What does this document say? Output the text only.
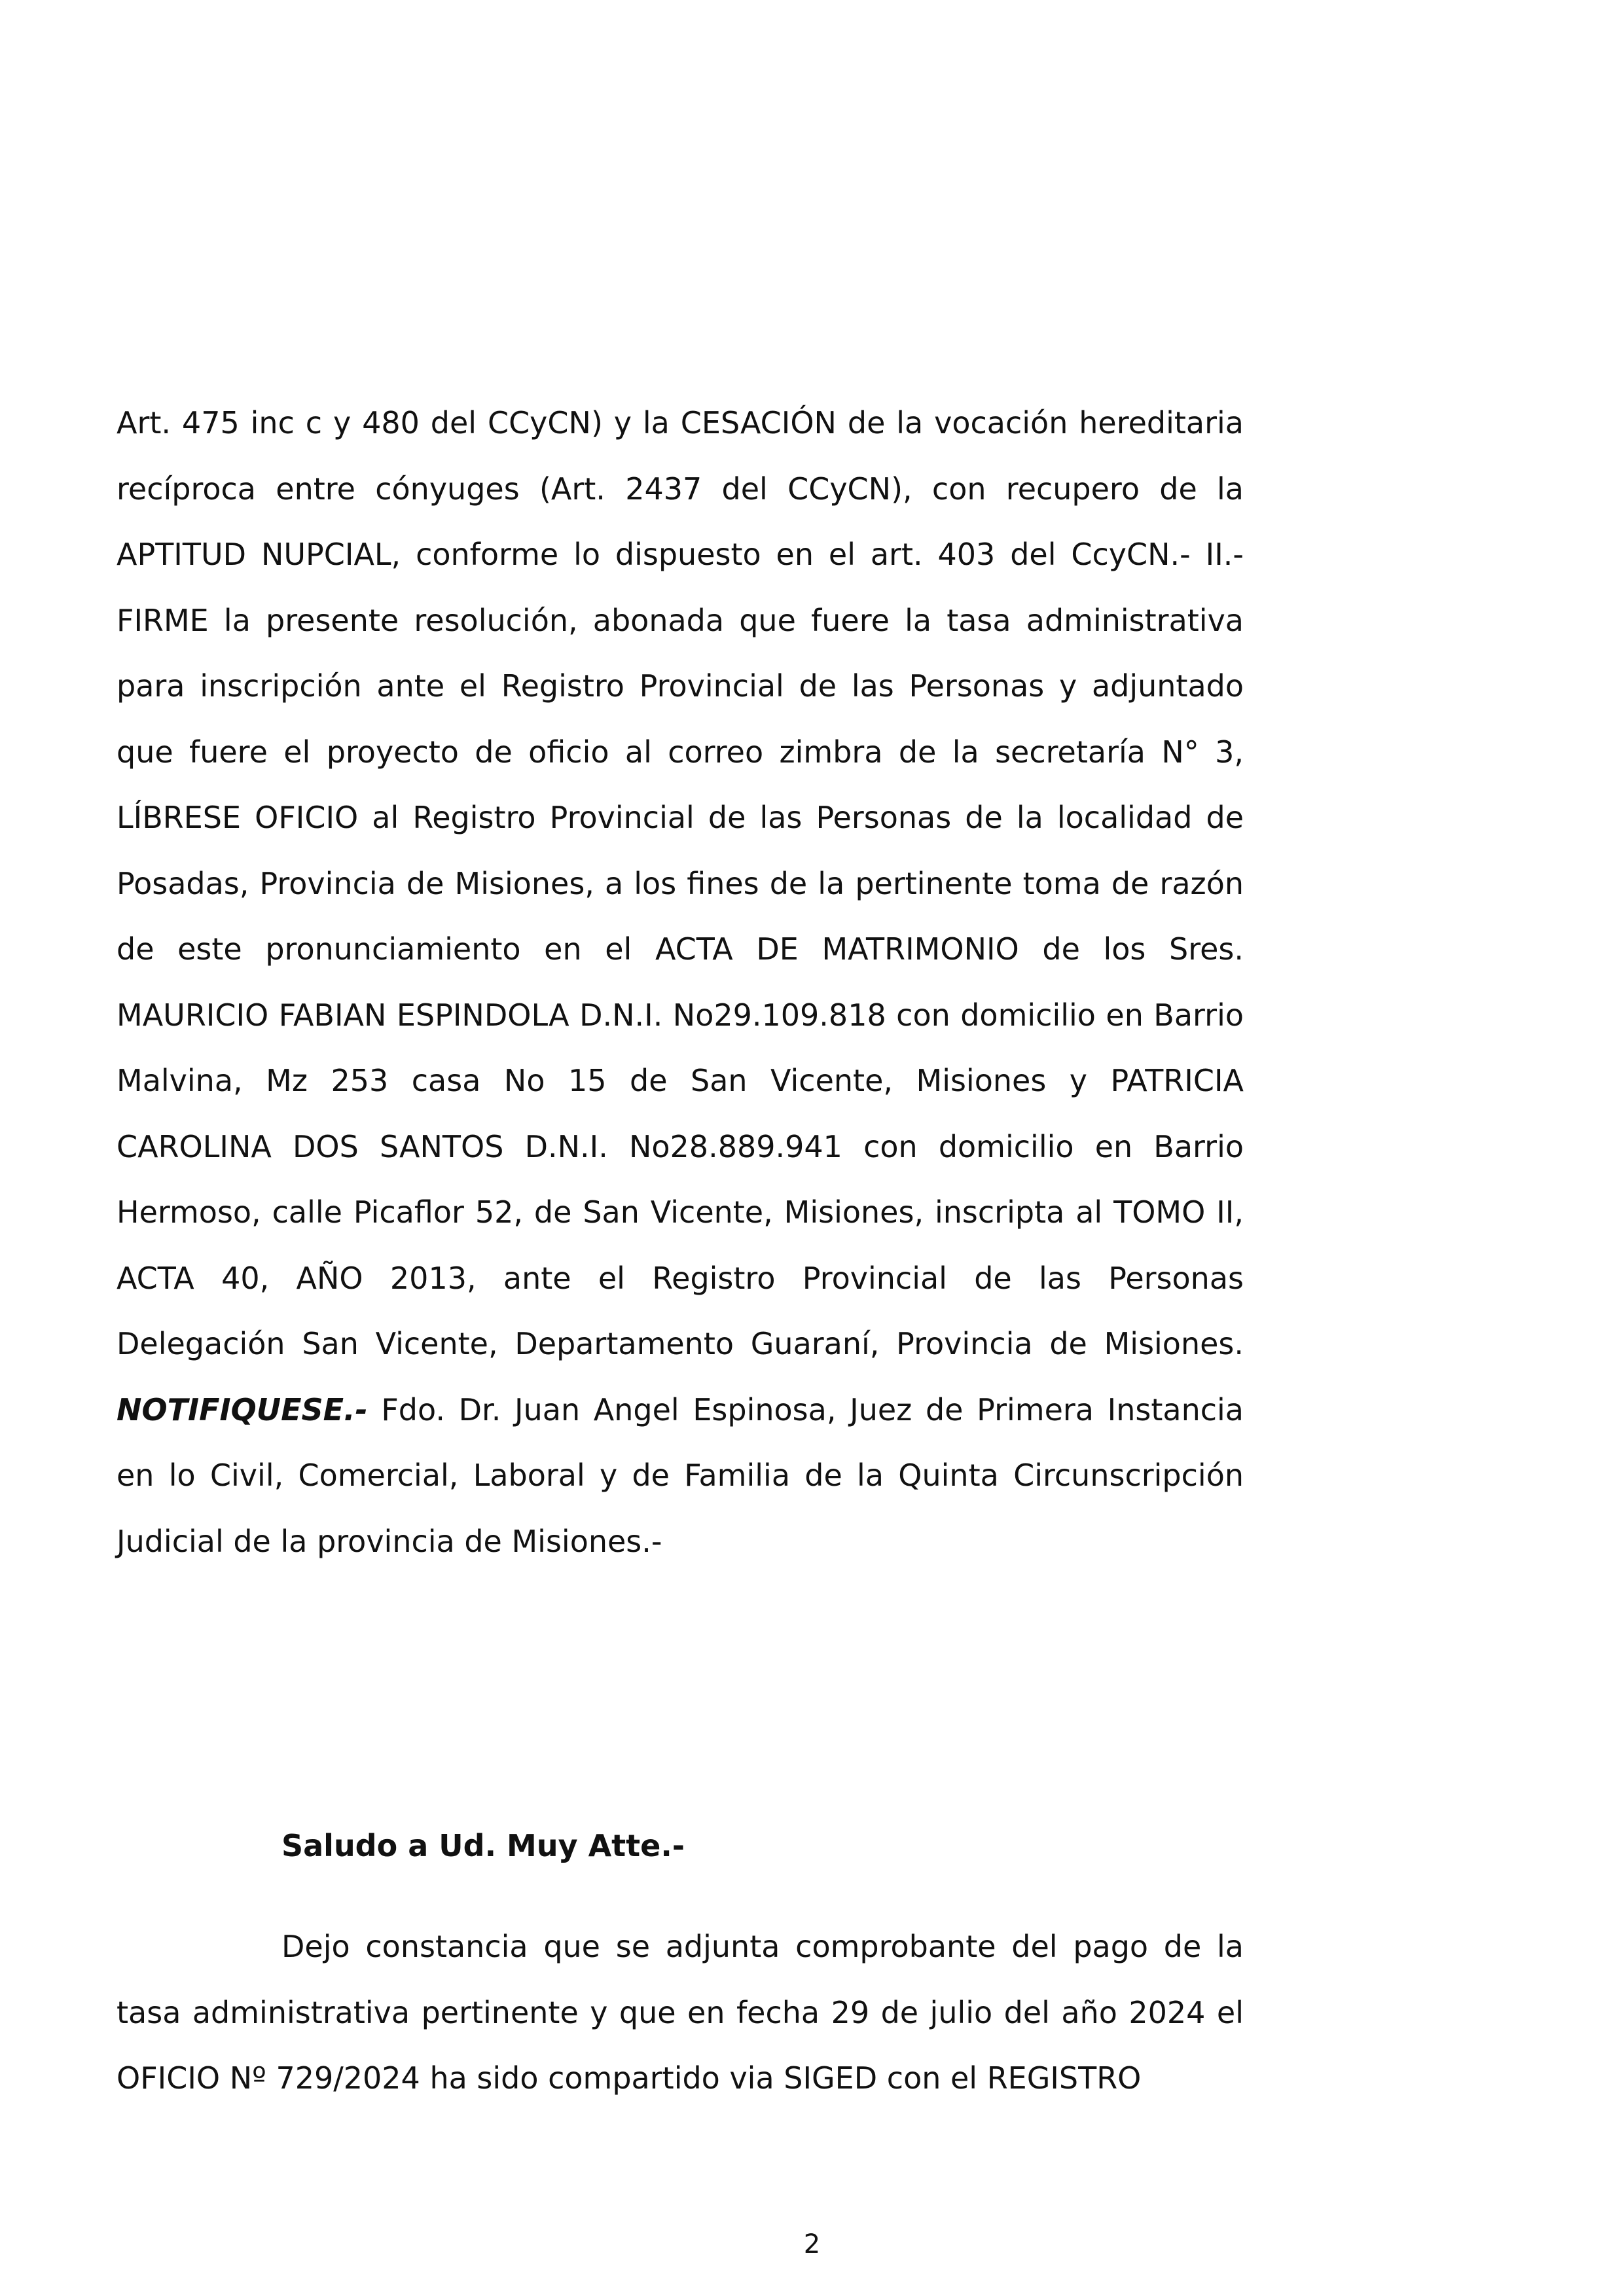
Art. 475 inc c y 480 del CCyCN) y la CESACIÓN de la vocación hereditaria recíproca entre cónyuges (Art. 2437 del CCyCN), con recupero de la APTITUD NUPCIAL, conforme lo dispuesto en el art. 403 del CcyCN.- II.- FIRME la presente resolución, abonada que fuere la tasa administrativa para inscripción ante el Registro Provincial de las Personas y adjuntado que fuere el proyecto de oficio al correo zimbra de la secretaría N° 3, LÍBRESE OFICIO al Registro Provincial de las Personas de la localidad de Posadas, Provincia de Misiones, a los fines de la pertinente toma de razón de este pronunciamiento en el ACTA DE MATRIMONIO de los Sres. MAURICIO FABIAN ESPINDOLA D.N.I. No29.109.818 con domicilio en Barrio Malvina, Mz 253 casa No 15 de San Vicente, Misiones y PATRICIA CAROLINA DOS SANTOS D.N.I. No28.889.941 con domicilio en Barrio Hermoso, calle Picaflor 52, de San Vicente, Misiones, inscripta al TOMO II, ACTA 40, AÑO 2013, ante el Registro Provincial de las Personas Delegación San Vicente, Departamento Guaraní, Provincia de Misiones. NOTIFIQUESE.- Fdo. Dr. Juan Angel Espinosa, Juez de Primera Instancia en lo Civil, Comercial, Laboral y de Familia de la Quinta Circunscripción Judicial de la provincia de Misiones.-

Saludo a Ud. Muy Atte.-
Dejo constancia que se adjunta comprobante del pago de la tasa administrativa pertinente y que en fecha 29 de julio del año 2024 el OFICIO Nº 729/2024 ha sido compartido via SIGED con el REGISTRO
2
